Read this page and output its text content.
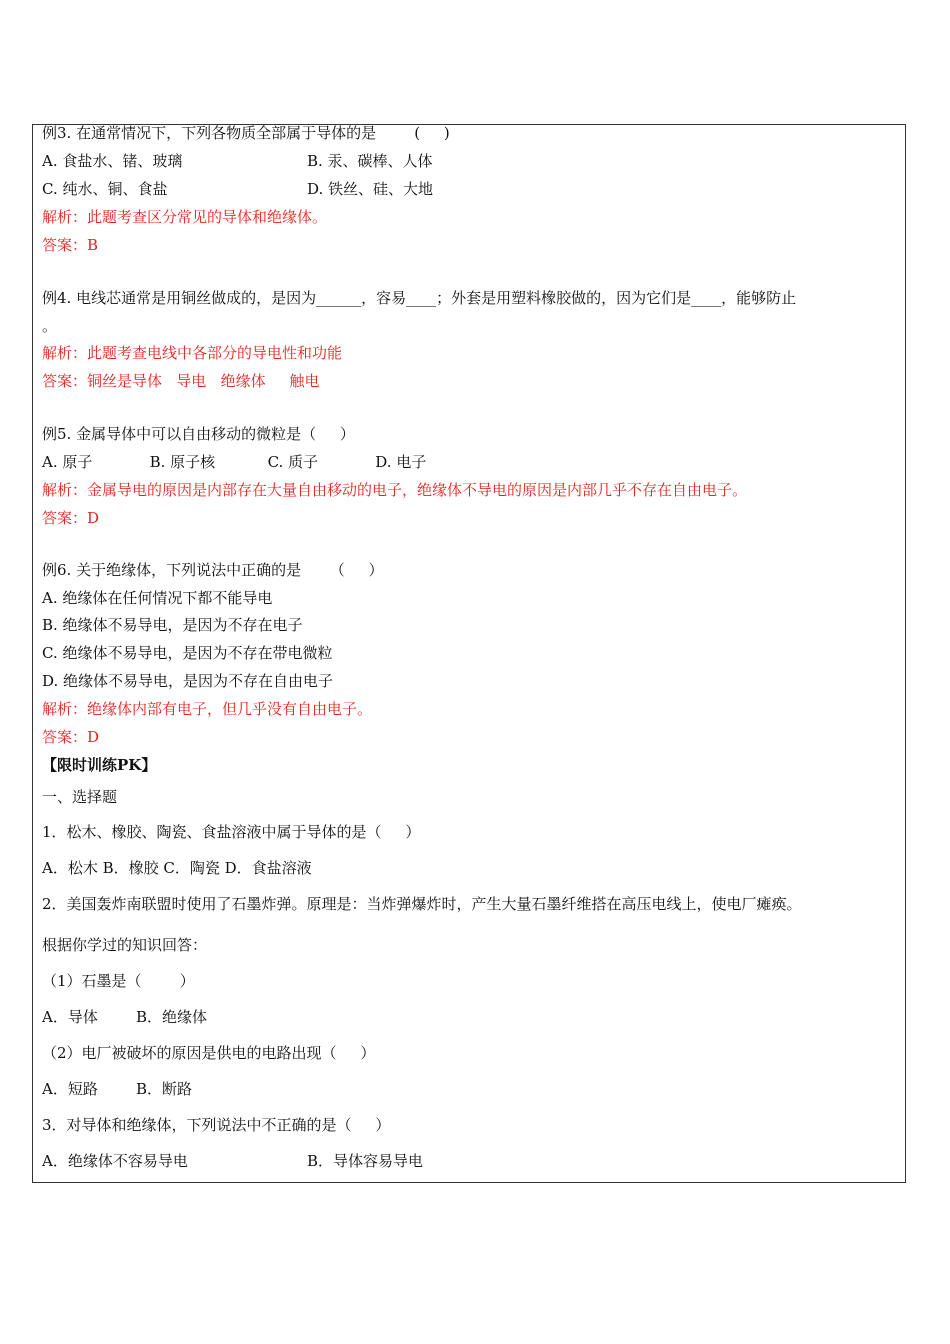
例3. 在通常情况下，下列各物质全部属于导体的是        (     )
A. 食盐水、锗、玻璃	B. 汞、碳棒、人体
C. 纯水、铜、食盐	D. 铁丝、硅、大地
解析：此题考查区分常见的导体和绝缘体。
答案：B
例4. 电线芯通常是用铜丝做成的，是因为______，容易____；外套是用塑料橡胶做的，因为它们是____，能够防止
。
解析：此题考查电线中各部分的导电性和功能
答案：铜丝是导体   导电   绝缘体     触电
例5. 金属导体中可以自由移动的微粒是（     ）
A. 原子            B. 原子核           C. 质子            D. 电子
解析：金属导电的原因是内部存在大量自由移动的电子，绝缘体不导电的原因是内部几乎不存在自由电子。
答案：D
例6. 关于绝缘体，下列说法中正确的是      （     ）
A. 绝缘体在任何情况下都不能导电
B. 绝缘体不易导电，是因为不存在电子
C. 绝缘体不易导电，是因为不存在带电微粒
D. 绝缘体不易导电，是因为不存在自由电子
解析：绝缘体内部有电子，但几乎没有自由电子。
答案：D
【限时训练PK】
一、选择题
1．松木、橡胶、陶瓷、食盐溶液中属于导体的是（     ）
A．松木 B．橡胶 C．陶瓷 D．食盐溶液
2．美国轰炸南联盟时使用了石墨炸弹。原理是：当炸弹爆炸时，产生大量石墨纤维搭在高压电线上，使电厂瘫痪。
根据你学过的知识回答：
（1）石墨是（        ）
A．导体        B．绝缘体
（2）电厂被破坏的原因是供电的电路出现（     ）
A．短路        B．断路
3．对导体和绝缘体，下列说法中不正确的是（     ）
A．绝缘体不容易导电	B．导体容易导电
